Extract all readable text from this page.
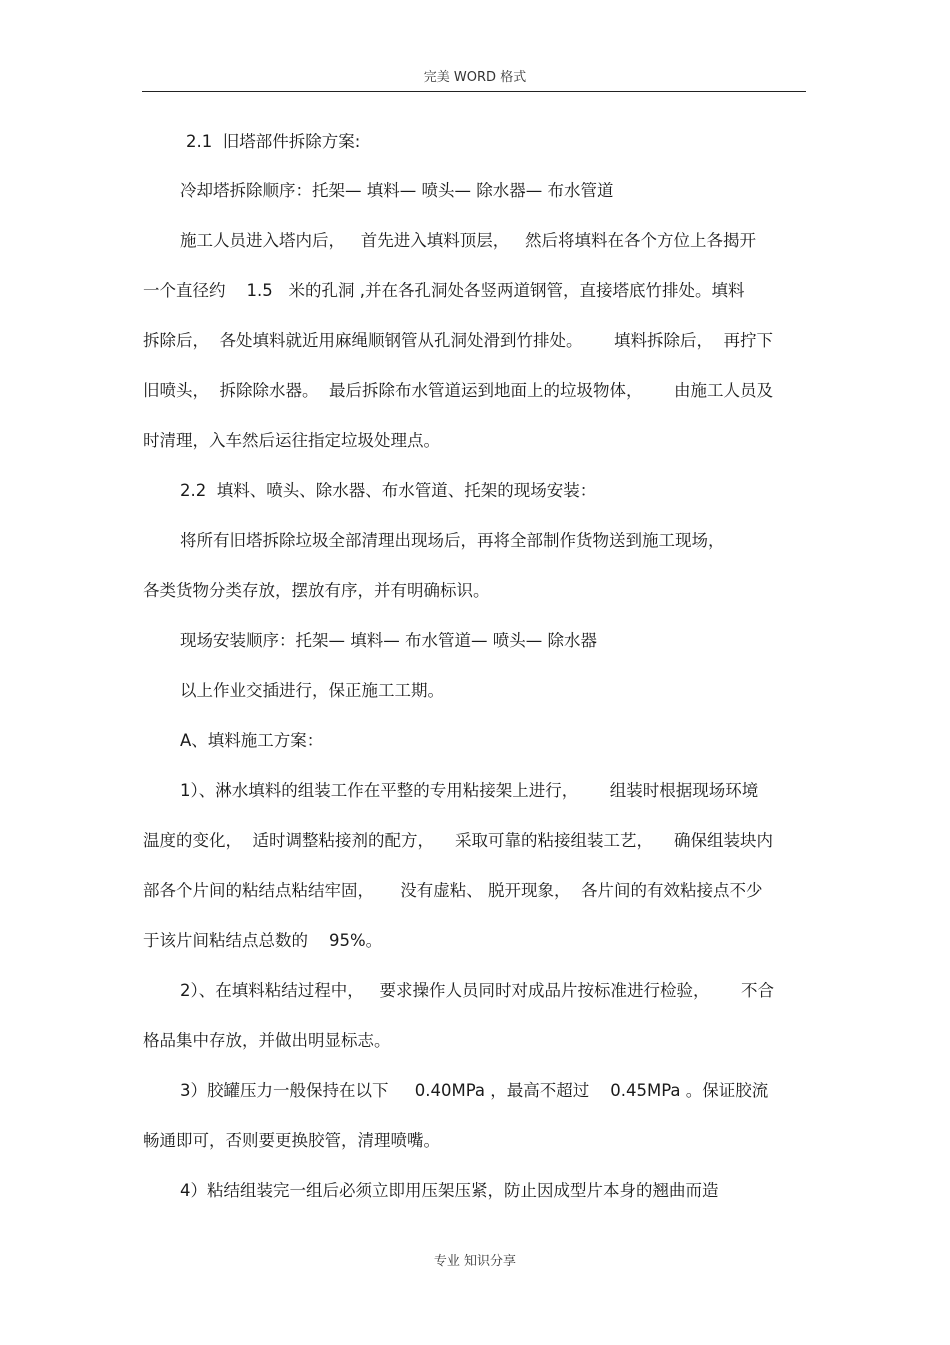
完美 WORD 格式
2.1  旧塔部件拆除方案:
冷却塔拆除顺序：托架— 填料— 喷头— 除水器— 布水管道
施工人员进入塔内后，   首先进入填料顶层，   然后将填料在各个方位上各揭开
一个直径约    1.5   米的孔洞 ,并在各孔洞处各竖两道钢管，直接塔底竹排处。填料
拆除后，  各处填料就近用麻绳顺钢管从孔洞处滑到竹排处。      填料拆除后，  再拧下
旧喷头，  拆除除水器。  最后拆除布水管道运到地面上的垃圾物体，      由施工人员及
时清理，入车然后运往指定垃圾处理点。
2.2  填料、喷头、除水器、布水管道、托架的现场安装：
将所有旧塔拆除垃圾全部清理出现场后，再将全部制作货物送到施工现场，
各类货物分类存放，摆放有序，并有明确标识。
现场安装顺序：托架— 填料— 布水管道— 喷头— 除水器
以上作业交插进行，保正施工工期。
A、填料施工方案：
1）、淋水填料的组装工作在平整的专用粘接架上进行，      组装时根据现场环境
温度的变化，  适时调整粘接剂的配方，    采取可靠的粘接组装工艺，    确保组装块内
部各个片间的粘结点粘结牢固，     没有虚粘、 脱开现象，  各片间的有效粘接点不少
于该片间粘结点总数的    95%。
2）、在填料粘结过程中，   要求操作人员同时对成品片按标准进行检验，      不合
格品集中存放，并做出明显标志。
3）胶罐压力一般保持在以下     0.40MPa ，最高不超过    0.45MPa 。保证胶流
畅通即可，否则要更换胶管，清理喷嘴。
4）粘结组装完一组后必须立即用压架压紧，防止因成型片本身的翘曲而造
专业 知识分享
